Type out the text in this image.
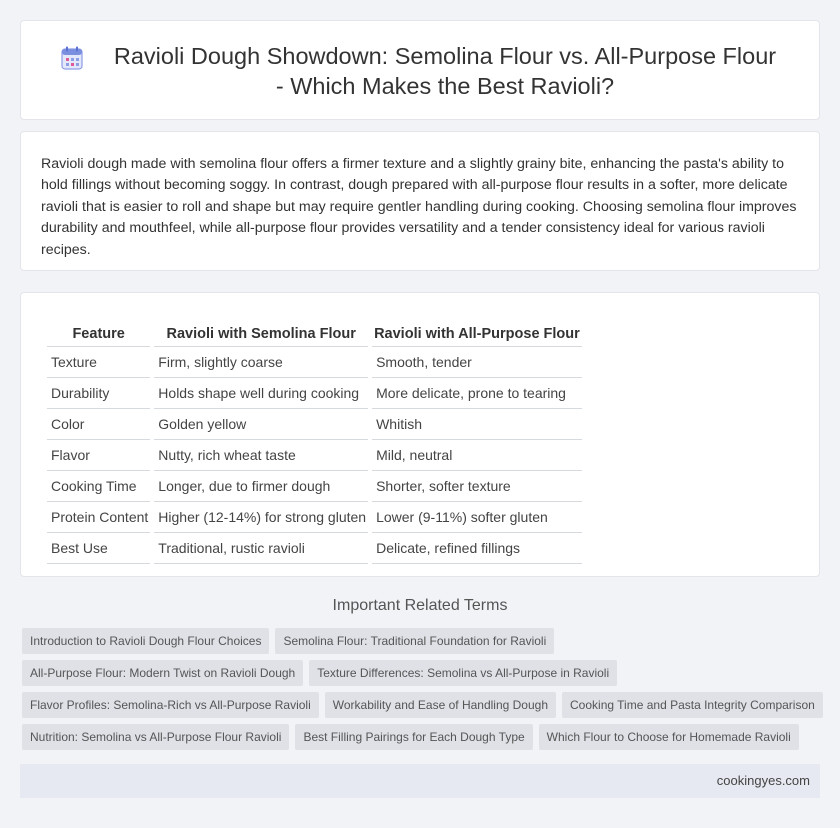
Ravioli Dough Showdown: Semolina Flour vs. All-Purpose Flour - Which Makes the Best Ravioli?

Ravioli dough made with semolina flour offers a firmer texture and a slightly grainy bite, enhancing the pasta's ability to hold fillings without becoming soggy. In contrast, dough prepared with all-purpose flour results in a softer, more delicate ravioli that is easier to roll and shape but may require gentler handling during cooking. Choosing semolina flour improves durability and mouthfeel, while all-purpose flour provides versatility and a tender consistency ideal for various ravioli recipes.

Feature	Ravioli with Semolina Flour	Ravioli with All-Purpose Flour
Texture	Firm, slightly coarse	Smooth, tender
Durability	Holds shape well during cooking	More delicate, prone to tearing
Color	Golden yellow	Whitish
Flavor	Nutty, rich wheat taste	Mild, neutral
Cooking Time	Longer, due to firmer dough	Shorter, softer texture
Protein Content	Higher (12-14%) for strong gluten	Lower (9-11%) softer gluten
Best Use	Traditional, rustic ravioli	Delicate, refined fillings
Important Related Terms
Introduction to Ravioli Dough Flour Choices Semolina Flour: Traditional Foundation for Ravioli
All-Purpose Flour: Modern Twist on Ravioli Dough Texture Differences: Semolina vs All-Purpose in Ravioli
Flavor Profiles: Semolina-Rich vs All-Purpose Ravioli Workability and Ease of Handling Dough Cooking Time and Pasta Integrity Comparison
Nutrition: Semolina vs All-Purpose Flour Ravioli Best Filling Pairings for Each Dough Type Which Flour to Choose for Homemade Ravioli
cookingyes.com
